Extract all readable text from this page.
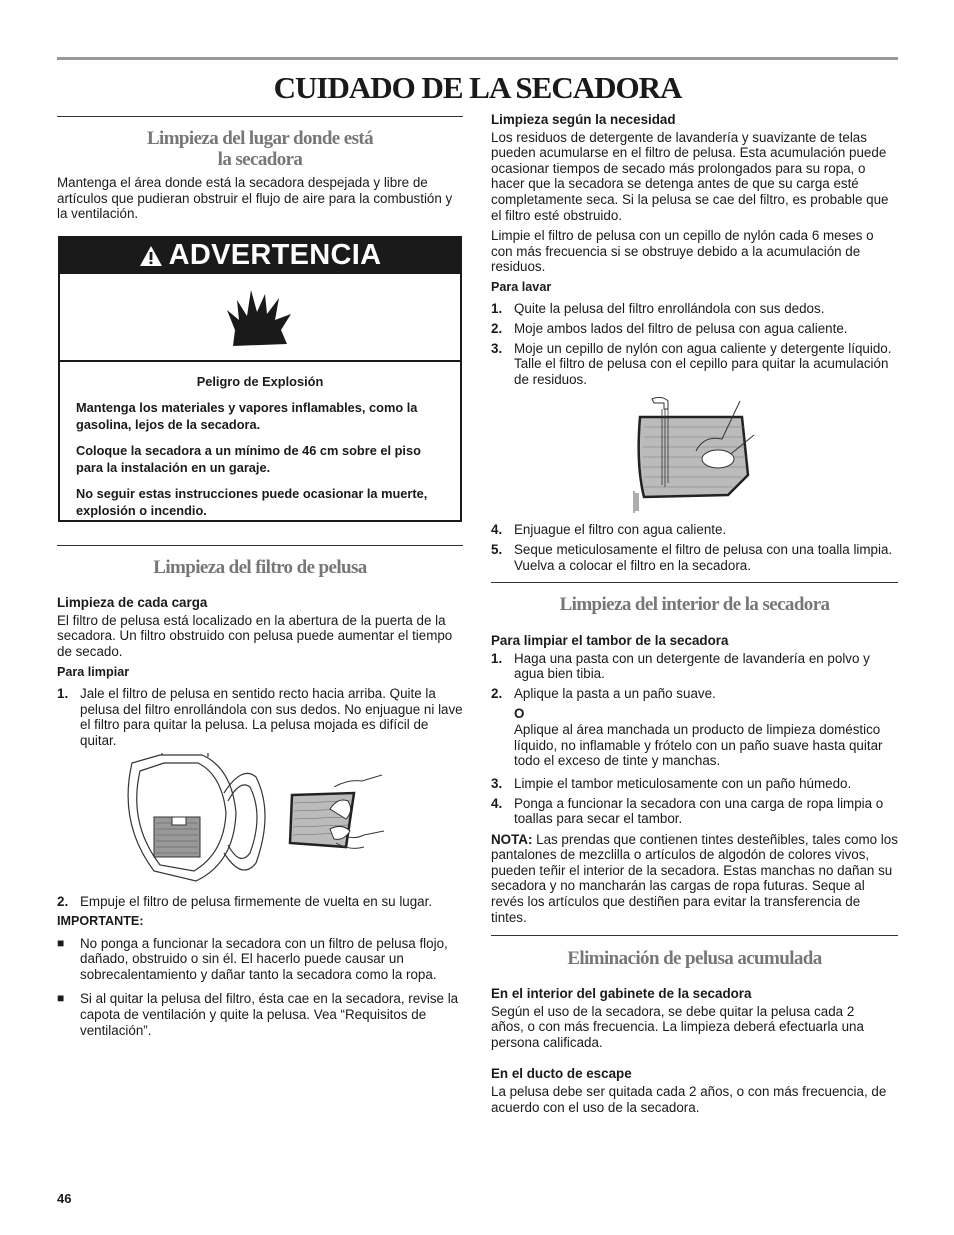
CUIDADO DE LA SECADORA
Limpieza del lugar donde está
la secadora

Mantenga el área donde está la secadora despejada y libre de artículos que pudieran obstruir el flujo de aire para la combustión y la ventilación.

ADVERTENCIA

Peligro de Explosión

Mantenga los materiales y vapores inflamables, como la gasolina, lejos de la secadora.

Coloque la secadora a un mínimo de 46 cm sobre el piso para la instalación en un garaje.

No seguir estas instrucciones puede ocasionar la muerte, explosión o incendio.

Limpieza del filtro de pelusa

Limpieza de cada carga

El filtro de pelusa está localizado en la abertura de la puerta de la secadora. Un filtro obstruido con pelusa puede aumentar el tiempo de secado.

Para limpiar

1. Jale el filtro de pelusa en sentido recto hacia arriba. Quite la pelusa del filtro enrollándola con sus dedos. No enjuague ni lave el filtro para quitar la pelusa. La pelusa mojada es difícil de quitar.
2. Empuje el filtro de pelusa firmemente de vuelta en su lugar.

IMPORTANTE:

■ No ponga a funcionar la secadora con un filtro de pelusa flojo, dañado, obstruido o sin él. El hacerlo puede causar un sobrecalentamiento y dañar tanto la secadora como la ropa.
■ Si al quitar la pelusa del filtro, ésta cae en la secadora, revise la capota de ventilación y quite la pelusa. Vea “Requisitos de ventilación”.

Limpieza según la necesidad

Los residuos de detergente de lavandería y suavizante de telas pueden acumularse en el filtro de pelusa. Esta acumulación puede ocasionar tiempos de secado más prolongados para su ropa, o hacer que la secadora se detenga antes de que su carga esté completamente seca. Si la pelusa se cae del filtro, es probable que el filtro esté obstruido.

Limpie el filtro de pelusa con un cepillo de nylón cada 6 meses o con más frecuencia si se obstruye debido a la acumulación de residuos.

Para lavar

1. Quite la pelusa del filtro enrollándola con sus dedos.
2. Moje ambos lados del filtro de pelusa con agua caliente.
3. Moje un cepillo de nylón con agua caliente y detergente líquido. Talle el filtro de pelusa con el cepillo para quitar la acumulación de residuos.
4. Enjuague el filtro con agua caliente.
5. Seque meticulosamente el filtro de pelusa con una toalla limpia. Vuelva a colocar el filtro en la secadora.
Limpieza del interior de la secadora

Para limpiar el tambor de la secadora

1. Haga una pasta con un detergente de lavandería en polvo y agua bien tibia.
2. Aplique la pasta a un paño suave.

O

Aplique al área manchada un producto de limpieza doméstico líquido, no inflamable y frótelo con un paño suave hasta quitar todo el exceso de tinte y manchas.

3. Limpie el tambor meticulosamente con un paño húmedo.
4. Ponga a funcionar la secadora con una carga de ropa limpia o toallas para secar el tambor.

NOTA: Las prendas que contienen tintes desteñibles, tales como los pantalones de mezclilla o artículos de algodón de colores vivos, pueden teñir el interior de la secadora. Estas manchas no dañan su secadora y no mancharán las cargas de ropa futuras. Seque al revés los artículos que destiñen para evitar la transferencia de tintes.

Eliminación de pelusa acumulada

En el interior del gabinete de la secadora

Según el uso de la secadora, se debe quitar la pelusa cada 2 años, o con más frecuencia. La limpieza deberá efectuarla una persona calificada.

En el ducto de escape

La pelusa debe ser quitada cada 2 años, o con más frecuencia, de acuerdo con el uso de la secadora.

46
